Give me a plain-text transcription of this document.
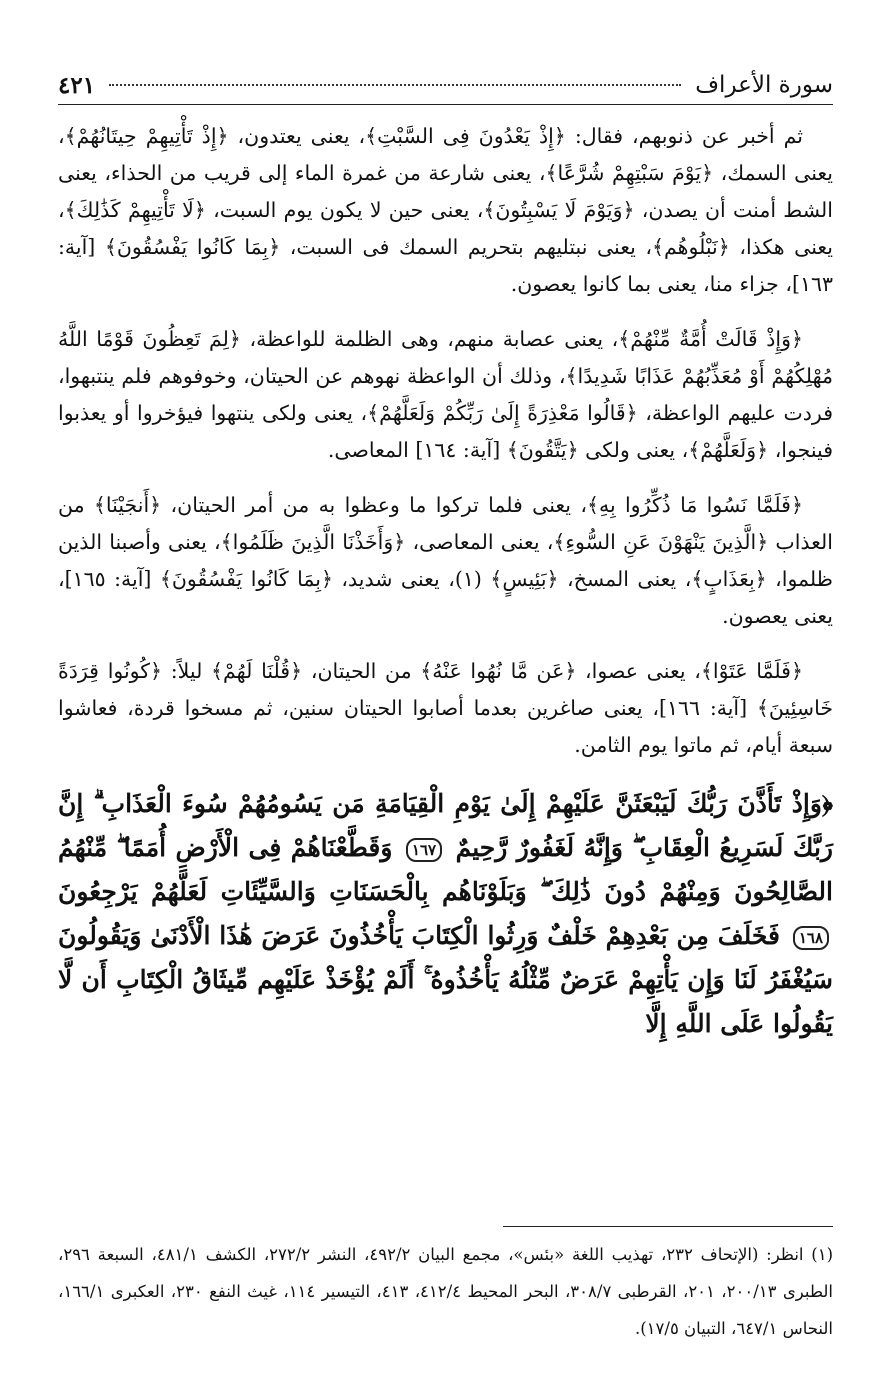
سورة الأعراف
٤٢١

ثم أخبر عن ذنوبهم، فقال: ﴿إِذْ يَعْدُونَ فِى السَّبْتِ﴾، يعنى يعتدون، ﴿إِذْ تَأْتِيهِمْ حِيتَانُهُمْ﴾، يعنى السمك، ﴿يَوْمَ سَبْتِهِمْ شُرَّعًا﴾، يعنى شارعة من غمرة الماء إلى قريب من الحذاء، يعنى الشط أمنت أن يصدن، ﴿وَيَوْمَ لَا يَسْبِتُونَ﴾، يعنى حين لا يكون يوم السبت، ﴿لَا تَأْتِيهِمْ كَذَٰلِكَ﴾، يعنى هكذا، ﴿نَبْلُوهُم﴾، يعنى نبتليهم بتحريم السمك فى السبت، ﴿بِمَا كَانُوا يَفْسُقُونَ﴾ [آية: ١٦٣]، جزاء منا، يعنى بما كانوا يعصون.

﴿وَإِذْ قَالَتْ أُمَّةٌ مِّنْهُمْ﴾، يعنى عصابة منهم، وهى الظلمة للواعظة، ﴿لِمَ تَعِظُونَ قَوْمًا اللَّهُ مُهْلِكُهُمْ أَوْ مُعَذِّبُهُمْ عَذَابًا شَدِيدًا﴾، وذلك أن الواعظة نهوهم عن الحيتان، وخوفوهم فلم ينتبهوا، فردت عليهم الواعظة، ﴿قَالُوا مَعْذِرَةً إِلَىٰ رَبِّكُمْ وَلَعَلَّهُمْ﴾، يعنى ولكى ينتهوا فيؤخروا أو يعذبوا فينجوا، ﴿وَلَعَلَّهُمْ﴾، يعنى ولكى ﴿يَتَّقُونَ﴾ [آية: ١٦٤] المعاصى.

﴿فَلَمَّا نَسُوا مَا ذُكِّرُوا بِهِ﴾، يعنى فلما تركوا ما وعظوا به من أمر الحيتان، ﴿أَنجَيْنَا﴾ من العذاب ﴿الَّذِينَ يَنْهَوْنَ عَنِ السُّوءِ﴾، يعنى المعاصى، ﴿وَأَخَذْنَا الَّذِينَ ظَلَمُوا﴾، يعنى وأصبنا الذين ظلموا، ﴿بِعَذَابٍ﴾، يعنى المسخ، ﴿بَئِيسٍ﴾ (١)، يعنى شديد، ﴿بِمَا كَانُوا يَفْسُقُونَ﴾ [آية: ١٦٥]، يعنى يعصون.

﴿فَلَمَّا عَتَوْا﴾، يعنى عصوا، ﴿عَن مَّا نُهُوا عَنْهُ﴾ من الحيتان، ﴿قُلْنَا لَهُمْ﴾ ليلاً: ﴿كُونُوا قِرَدَةً خَاسِئِينَ﴾ [آية: ١٦٦]، يعنى صاغرين بعدما أصابوا الحيتان سنين، ثم مسخوا قردة، فعاشوا سبعة أيام، ثم ماتوا يوم الثامن.

﴿وَإِذْ تَأَذَّنَ رَبُّكَ لَيَبْعَثَنَّ عَلَيْهِمْ إِلَىٰ يَوْمِ الْقِيَامَةِ مَن يَسُومُهُمْ سُوءَ الْعَذَابِ ۗ إِنَّ رَبَّكَ لَسَرِيعُ الْعِقَابِ ۖ وَإِنَّهُ لَغَفُورٌ رَّحِيمٌ ١٦٧ وَقَطَّعْنَاهُمْ فِى الْأَرْضِ أُمَمًا ۖ مِّنْهُمُ الصَّالِحُونَ وَمِنْهُمْ دُونَ ذَٰلِكَ ۖ وَبَلَوْنَاهُم بِالْحَسَنَاتِ وَالسَّيِّئَاتِ لَعَلَّهُمْ يَرْجِعُونَ ١٦٨ فَخَلَفَ مِن بَعْدِهِمْ خَلْفٌ وَرِثُوا الْكِتَابَ يَأْخُذُونَ عَرَضَ هَٰذَا الْأَدْنَىٰ وَيَقُولُونَ سَيُغْفَرُ لَنَا وَإِن يَأْتِهِمْ عَرَضٌ مِّثْلُهُ يَأْخُذُوهُ ۚ أَلَمْ يُؤْخَذْ عَلَيْهِم مِّيثَاقُ الْكِتَابِ أَن لَّا يَقُولُوا عَلَى اللَّهِ إِلَّا

(١) انظر: (الإتحاف ٢٣٢، تهذيب اللغة «بئس»، مجمع البيان ٤٩٢/٢، النشر ٢٧٢/٢، الكشف ٤٨١/١، السبعة ٢٩٦، الطبرى ٢٠٠/١٣، ٢٠١، القرطبى ٣٠٨/٧، البحر المحيط ٤١٢/٤، ٤١٣، التيسير ١١٤، غيث النفع ٢٣٠، العكبرى ١٦٦/١، النحاس ٦٤٧/١، التبيان ١٧/٥).
